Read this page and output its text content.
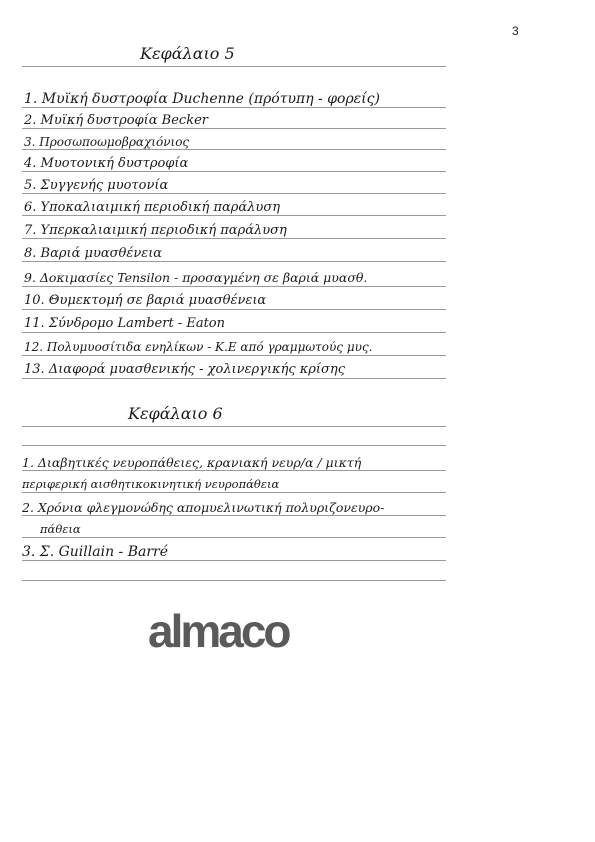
3
Κεφάλαιο 5
1. Μυϊκή δυστροφία Duchenne (πρότυπη - φορείς)
2. Μυϊκή δυστροφία Becker
3. Προσωποωμοβραχιόνιος
4. Μυοτονική δυστροφία
5. Συγγενής μυοτονία
6. Υποκαλιαιμική περιοδική παράλυση
7. Υπερκαλιαιμική περιοδική παράλυση
8. Βαριά μυασθένεια
9. Δοκιμασίες Tensilon - προσαγμένη σε βαριά μυασθ.
10. Θυμεκτομή σε βαριά μυασθένεια
11. Σύνδρομο Lambert - Eaton
12. Πολυμυοσίτιδα ενηλίκων - Κ.Ε από γραμμωτούς μυς.
13. Διαφορά μυασθενικής - χολινεργικής κρίσης
Κεφάλαιο 6
1. Διαβητικές νευροπάθειες, κρανιακή νευρ/α / μικτή
περιφερική αισθητικοκινητική νευροπάθεια
2. Χρόνια φλεγμονώδης απομυελινωτική πολυριζονευρο-
πάθεια
3. Σ. Guillain - Barré
almaco
